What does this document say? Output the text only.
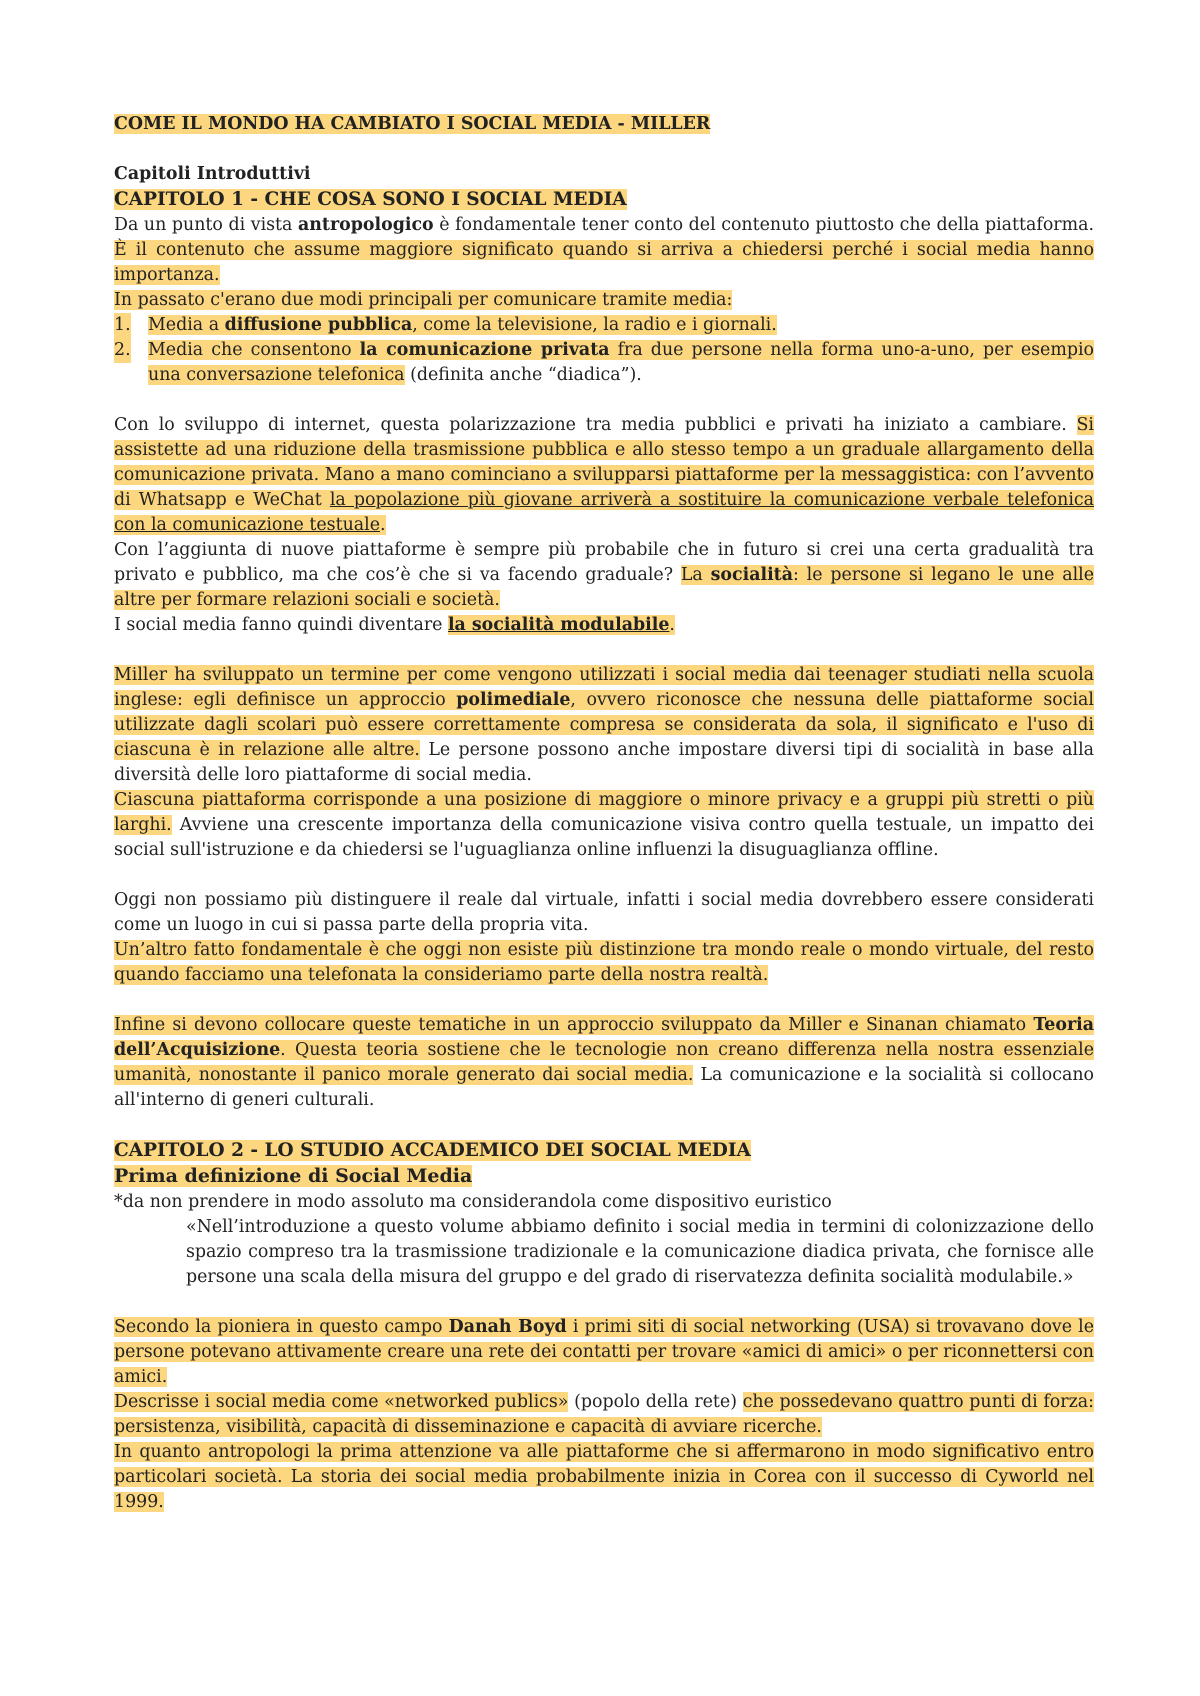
COME IL MONDO HA CAMBIATO I SOCIAL MEDIA - MILLER

Capitoli Introduttivi

CAPITOLO 1 - CHE COSA SONO I SOCIAL MEDIA

Da un punto di vista antropologico è fondamentale tener conto del contenuto piuttosto che della piattaforma. È il contenuto che assume maggiore significato quando si arriva a chiedersi perché i social media hanno importanza.

In passato c'erano due modi principali per comunicare tramite media:

1. Media a diffusione pubblica, come la televisione, la radio e i giornali.
2. Media che consentono la comunicazione privata fra due persone nella forma uno-a-uno, per esempio una conversazione telefonica (definita anche “diadica”).

Con lo sviluppo di internet, questa polarizzazione tra media pubblici e privati ha iniziato a cambiare. Si assistette ad una riduzione della trasmissione pubblica e allo stesso tempo a un graduale allargamento della comunicazione privata. Mano a mano cominciano a svilupparsi piattaforme per la messaggistica: con l’avvento di Whatsapp e WeChat la popolazione più giovane arriverà a sostituire la comunicazione verbale telefonica con la comunicazione testuale.

Con l’aggiunta di nuove piattaforme è sempre più probabile che in futuro si crei una certa gradualità tra privato e pubblico, ma che cos’è che si va facendo graduale? La socialità: le persone si legano le une alle altre per formare relazioni sociali e società.

I social media fanno quindi diventare la socialità modulabile.

Miller ha sviluppato un termine per come vengono utilizzati i social media dai teenager studiati nella scuola inglese: egli definisce un approccio polimediale, ovvero riconosce che nessuna delle piattaforme social utilizzate dagli scolari può essere correttamente compresa se considerata da sola, il significato e l'uso di ciascuna è in relazione alle altre. Le persone possono anche impostare diversi tipi di socialità in base alla diversità delle loro piattaforme di social media.

Ciascuna piattaforma corrisponde a una posizione di maggiore o minore privacy e a gruppi più stretti o più larghi. Avviene una crescente importanza della comunicazione visiva contro quella testuale, un impatto dei social sull'istruzione e da chiedersi se l'uguaglianza online influenzi la disuguaglianza offline.

Oggi non possiamo più distinguere il reale dal virtuale, infatti i social media dovrebbero essere considerati come un luogo in cui si passa parte della propria vita.

Un’altro fatto fondamentale è che oggi non esiste più distinzione tra mondo reale o mondo virtuale, del resto quando facciamo una telefonata la consideriamo parte della nostra realtà.

Infine si devono collocare queste tematiche in un approccio sviluppato da Miller e Sinanan chiamato Teoria dell’Acquisizione. Questa teoria sostiene che le tecnologie non creano differenza nella nostra essenziale umanità, nonostante il panico morale generato dai social media. La comunicazione e la socialità si collocano all'interno di generi culturali.

CAPITOLO 2 - LO STUDIO ACCADEMICO DEI SOCIAL MEDIA

Prima definizione di Social Media

*da non prendere in modo assoluto ma considerandola come dispositivo euristico

«Nell’introduzione a questo volume abbiamo definito i social media in termini di colonizzazione dello spazio compreso tra la trasmissione tradizionale e la comunicazione diadica privata, che fornisce alle persone una scala della misura del gruppo e del grado di riservatezza definita socialità modulabile.»

Secondo la pioniera in questo campo Danah Boyd i primi siti di social networking (USA) si trovavano dove le persone potevano attivamente creare una rete dei contatti per trovare «amici di amici» o per riconnettersi con amici.

Descrisse i social media come «networked publics» (popolo della rete) che possedevano quattro punti di forza: persistenza, visibilità, capacità di disseminazione e capacità di avviare ricerche.

In quanto antropologi la prima attenzione va alle piattaforme che si affermarono in modo significativo entro particolari società. La storia dei social media probabilmente inizia in Corea con il successo di Cyworld nel 1999.
